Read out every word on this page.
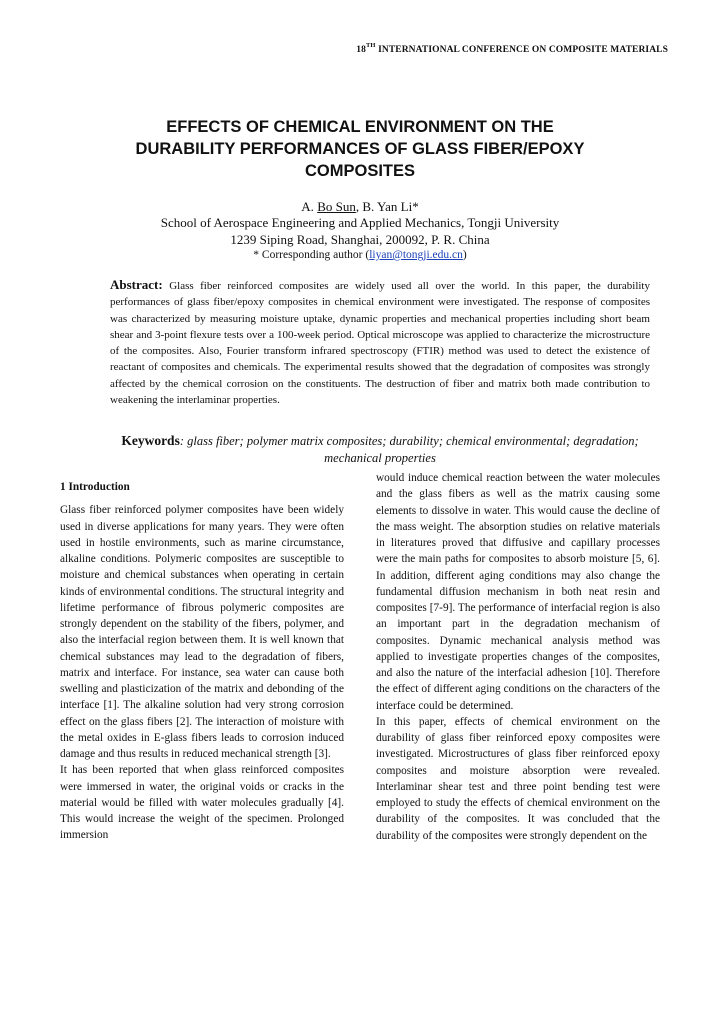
18TH INTERNATIONAL CONFERENCE ON COMPOSITE MATERIALS
EFFECTS OF CHEMICAL ENVIRONMENT ON THE
DURABILITY PERFORMANCES OF GLASS FIBER/EPOXY
COMPOSITES
A. Bo Sun, B. Yan Li*
School of Aerospace Engineering and Applied Mechanics, Tongji University
1239 Siping Road, Shanghai, 200092, P. R. China
* Corresponding author (liyan@tongji.edu.cn)
Abstract: Glass fiber reinforced composites are widely used all over the world. In this paper, the durability performances of glass fiber/epoxy composites in chemical environment were investigated. The response of composites was characterized by measuring moisture uptake, dynamic properties and mechanical properties including short beam shear and 3-point flexure tests over a 100-week period. Optical microscope was applied to characterize the microstructure of the composites. Also, Fourier transform infrared spectroscopy (FTIR) method was used to detect the existence of reactant of composites and chemicals. The experimental results showed that the degradation of composites was strongly affected by the chemical corrosion on the constituents. The destruction of fiber and matrix both made contribution to weakening the interlaminar properties.
Keywords: glass fiber; polymer matrix composites; durability; chemical environmental; degradation; mechanical properties
1 Introduction

Glass fiber reinforced polymer composites have been widely used in diverse applications for many years. They were often used in hostile environments, such as marine circumstance, alkaline conditions. Polymeric composites are susceptible to moisture and chemical substances when operating in certain kinds of environmental conditions. The structural integrity and lifetime performance of fibrous polymeric composites are strongly dependent on the stability of the fibers, polymer, and also the interfacial region between them. It is well known that chemical substances may lead to the degradation of fibers, matrix and interface. For instance, sea water can cause both swelling and plasticization of the matrix and debonding of the interface [1]. The alkaline solution had very strong corrosion effect on the glass fibers [2]. The interaction of moisture with the metal oxides in E-glass fibers leads to corrosion induced damage and thus results in reduced mechanical strength [3].

It has been reported that when glass reinforced composites were immersed in water, the original voids or cracks in the material would be filled with water molecules gradually [4]. This would increase the weight of the specimen. Prolonged immersion

would induce chemical reaction between the water molecules and the glass fibers as well as the matrix causing some elements to dissolve in water. This would cause the decline of the mass weight. The absorption studies on relative materials in literatures proved that diffusive and capillary processes were the main paths for composites to absorb moisture [5, 6]. In addition, different aging conditions may also change the fundamental diffusion mechanism in both neat resin and composites [7-9]. The performance of interfacial region is also an important part in the degradation mechanism of composites. Dynamic mechanical analysis method was applied to investigate properties changes of the composites, and also the nature of the interfacial adhesion [10]. Therefore the effect of different aging conditions on the characters of the interface could be determined.

In this paper, effects of chemical environment on the durability of glass fiber reinforced epoxy composites were investigated. Microstructures of glass fiber reinforced epoxy composites and moisture absorption were revealed. Interlaminar shear test and three point bending test were employed to study the effects of chemical environment on the durability of the composites. It was concluded that the durability of the composites were strongly dependent on the
